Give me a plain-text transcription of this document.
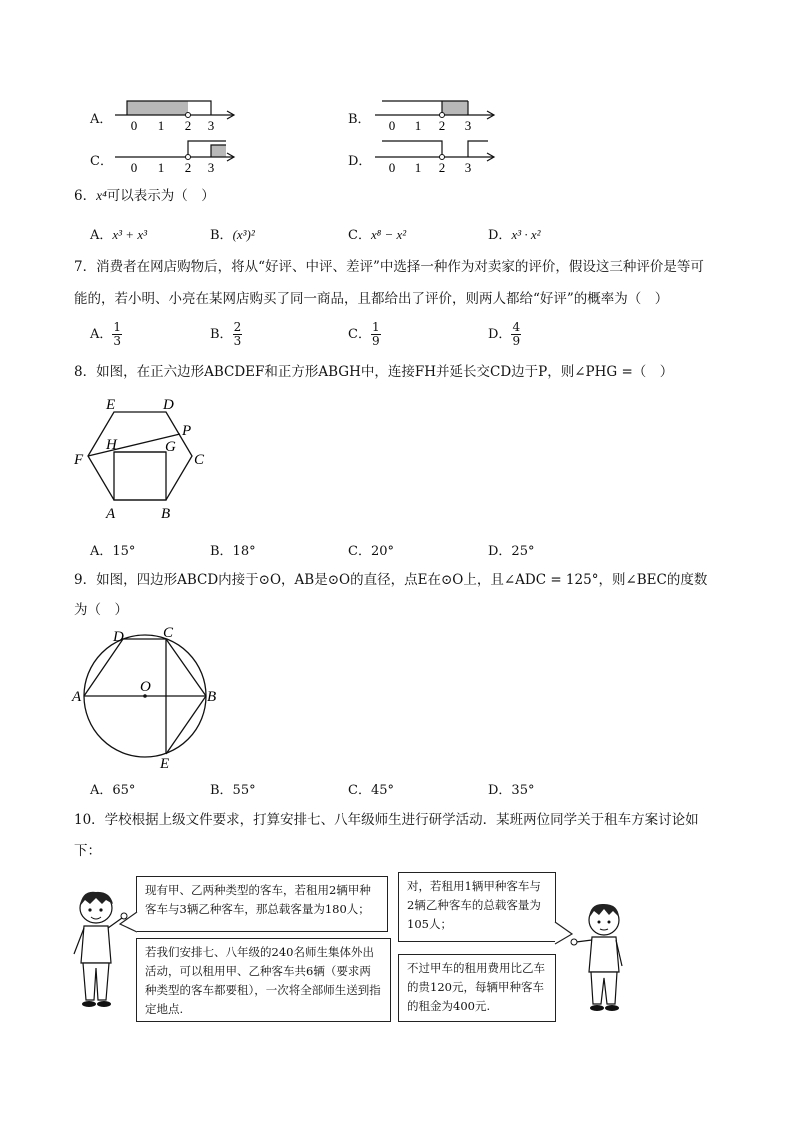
A． 0 1 2 3	B． 0 1 2 3
C． 0 1 2 3	D． 0 1 2 3
6．x⁴可以表示为（　）
A．x³ + x³	B．(x³)²	C．x⁸ − x²	D．x³ · x²
7．消费者在网店购物后，将从“好评、中评、差评”中选择一种作为对卖家的评价，假设这三种评价是等可
能的，若小明、小亮在某网店购买了同一商品，且都给出了评价，则两人都给“好评”的概率为（　）
A． $\frac{1}{3}$	B． $\frac{2}{3}$	C． $\frac{1}{9}$	D． $\frac{4}{9}$
8．如图，在正六边形ABCDEF和正方形ABGH中，连接FH并延长交CD边于P，则∠PHG =（　）
A	B
C
D
E
F
G
H
P
A．15°	B．18°	C．20°	D．25°
9．如图，四边形ABCD内接于⊙O，AB是⊙O的直径，点E在⊙O上，且∠ADC = 125°，则∠BEC的度数
为（　）
A	B
C
D
E
O
A．65°	B．55°	C．45°	D．35°
10．学校根据上级文件要求，打算安排七、八年级师生进行研学活动．某班两位同学关于租车方案讨论如
下：
现有甲、乙两种类型的客车，若租用2辆甲种客车与3辆乙种客车，那总载客量为180人；
若我们安排七、八年级的240名师生集体外出活动，可以租用甲、乙种客车共6辆（要求两种类型的客车都要租），一次将全部师生送到指定地点.
对，若租用1辆甲种客车与2辆乙种客车的总载客量为105人；
不过甲车的租用费用比乙车的贵120元，每辆甲种客车的租金为400元.
